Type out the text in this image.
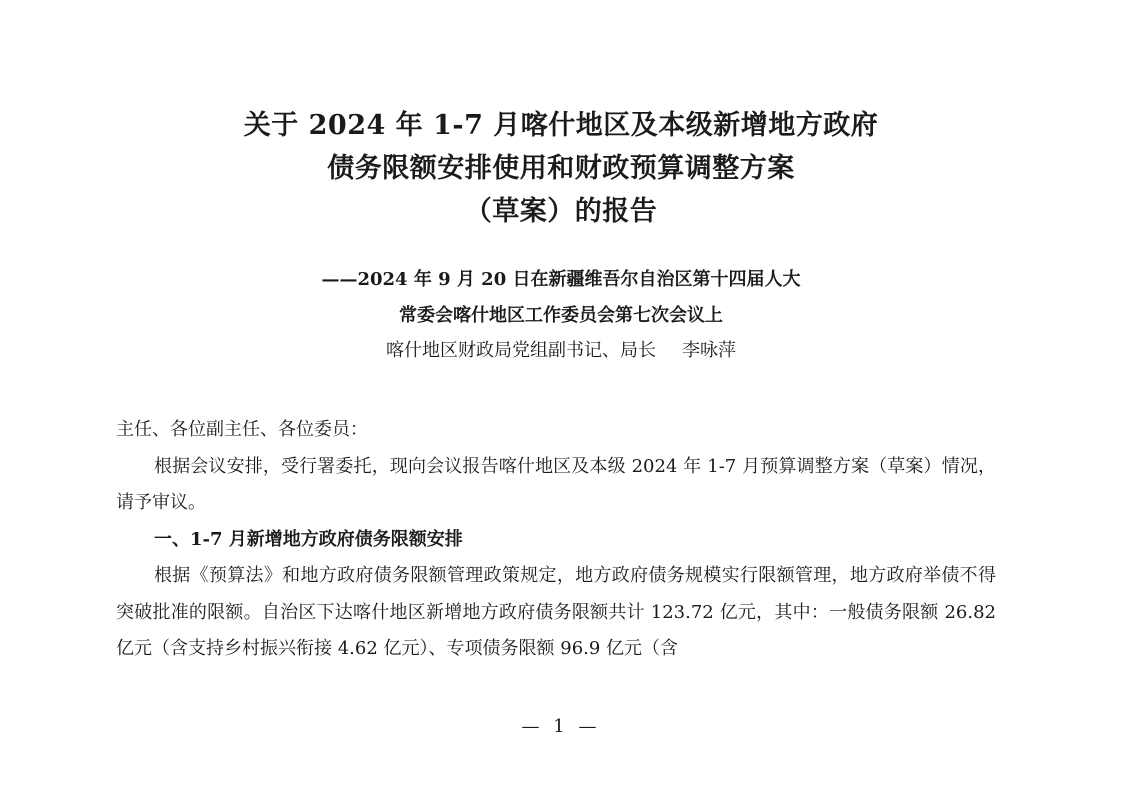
关于 2024 年 1-7 月喀什地区及本级新增地方政府
债务限额安排使用和财政预算调整方案
（草案）的报告
——2024 年 9 月 20 日在新疆维吾尔自治区第十四届人大
常委会喀什地区工作委员会第七次会议上
喀什地区财政局党组副书记、局长 李咏萍

主任、各位副主任、各位委员：

根据会议安排，受行署委托，现向会议报告喀什地区及本级 2024 年 1-7 月预算调整方案（草案）情况，请予审议。

一、1-7 月新增地方政府债务限额安排

根据《预算法》和地方政府债务限额管理政策规定，地方政府债务规模实行限额管理，地方政府举债不得突破批准的限额。自治区下达喀什地区新增地方政府债务限额共计 123.72 亿元，其中：一般债务限额 26.82 亿元（含支持乡村振兴衔接 4.62 亿元）、专项债务限额 96.9 亿元（含

— 1 —
